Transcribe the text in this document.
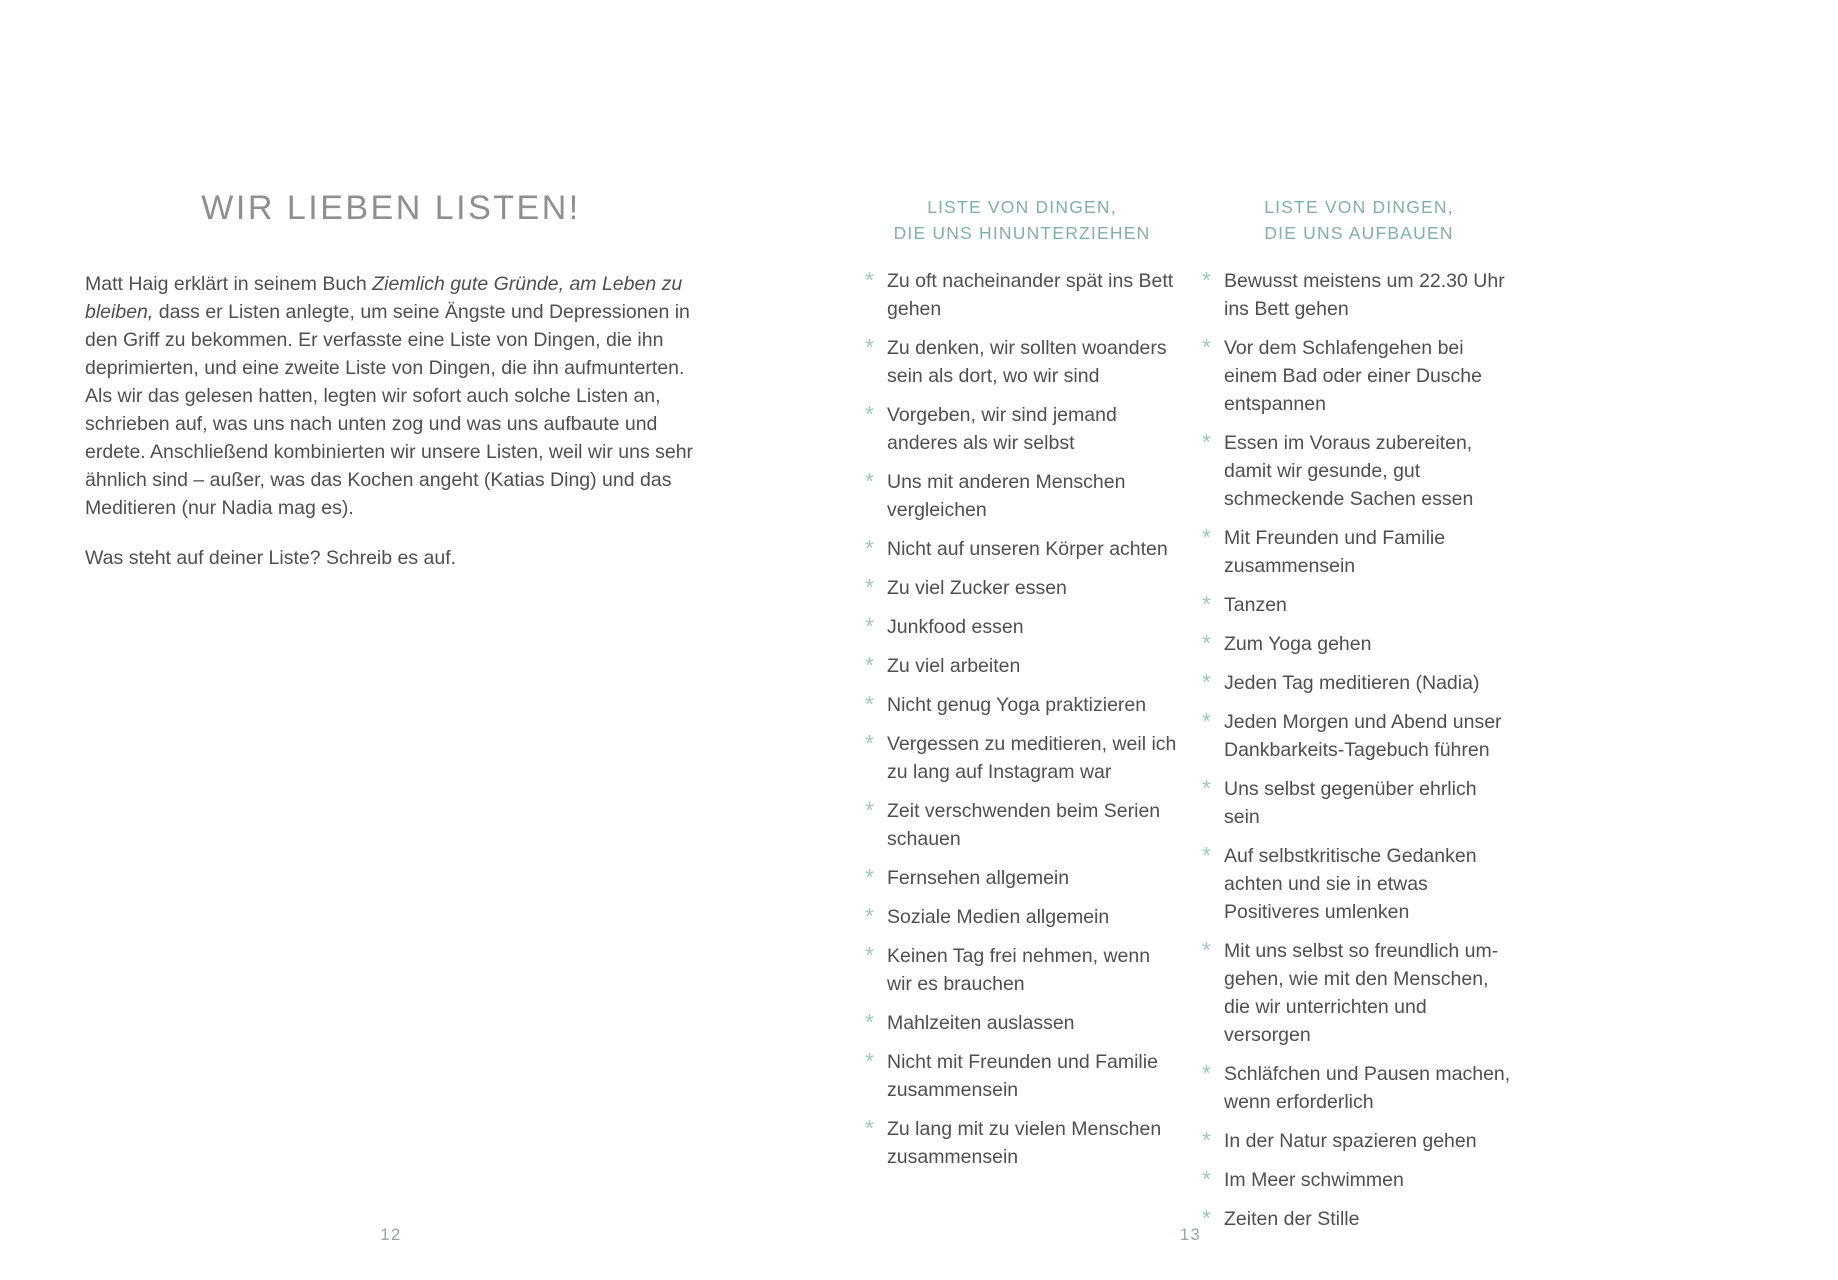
WIR LIEBEN LISTEN!

Matt Haig erklärt in seinem Buch Ziemlich gute Gründe, am Leben zu bleiben, dass er Listen anlegte, um seine Ängste und Depressionen in den Griff zu bekommen. Er verfasste eine Liste von Dingen, die ihn deprimierten, und eine zweite Liste von Dingen, die ihn aufmunterten. Als wir das gelesen hatten, legten wir sofort auch solche Listen an, schrieben auf, was uns nach unten zog und was uns aufbaute und erdete. Anschließend kombinierten wir unsere Listen, weil wir uns sehr ähnlich sind – außer, was das Kochen angeht (Katias Ding) und das Meditieren (nur Nadia mag es).

Was steht auf deiner Liste? Schreib es auf.

LISTE VON DINGEN,
DIE UNS HINUNTERZIEHEN
* Zu oft nacheinander spät ins Bett gehen
* Zu denken, wir sollten woanders sein als dort, wo wir sind
* Vorgeben, wir sind jemand anderes als wir selbst
* Uns mit anderen Menschen vergleichen
* Nicht auf unseren Körper achten
* Zu viel Zucker essen
* Junkfood essen
* Zu viel arbeiten
* Nicht genug Yoga praktizieren
* Vergessen zu meditieren, weil ich zu lang auf Instagram war
* Zeit verschwenden beim Serien schauen
* Fernsehen allgemein
* Soziale Medien allgemein
* Keinen Tag frei nehmen, wenn wir es brauchen
* Mahlzeiten auslassen
* Nicht mit Freunden und Familie zusammensein
* Zu lang mit zu vielen Menschen zusammensein
LISTE VON DINGEN,
DIE UNS AUFBAUEN
* Bewusst meistens um 22.30 Uhr ins Bett gehen
* Vor dem Schlafengehen bei einem Bad oder einer Dusche entspannen
* Essen im Voraus zubereiten, damit wir gesunde, gut schmeckende Sachen essen
* Mit Freunden und Familie zusammensein
* Tanzen
* Zum Yoga gehen
* Jeden Tag meditieren (Nadia)
* Jeden Morgen und Abend unser Dankbarkeits-Tagebuch führen
* Uns selbst gegenüber ehrlich sein
* Auf selbstkritische Gedanken achten und sie in etwas Positiveres umlenken
* Mit uns selbst so freundlich um-gehen, wie mit den Menschen, die wir unterrichten und versorgen
* Schläfchen und Pausen machen, wenn erforderlich
* In der Natur spazieren gehen
* Im Meer schwimmen
* Zeiten der Stille
12	13
